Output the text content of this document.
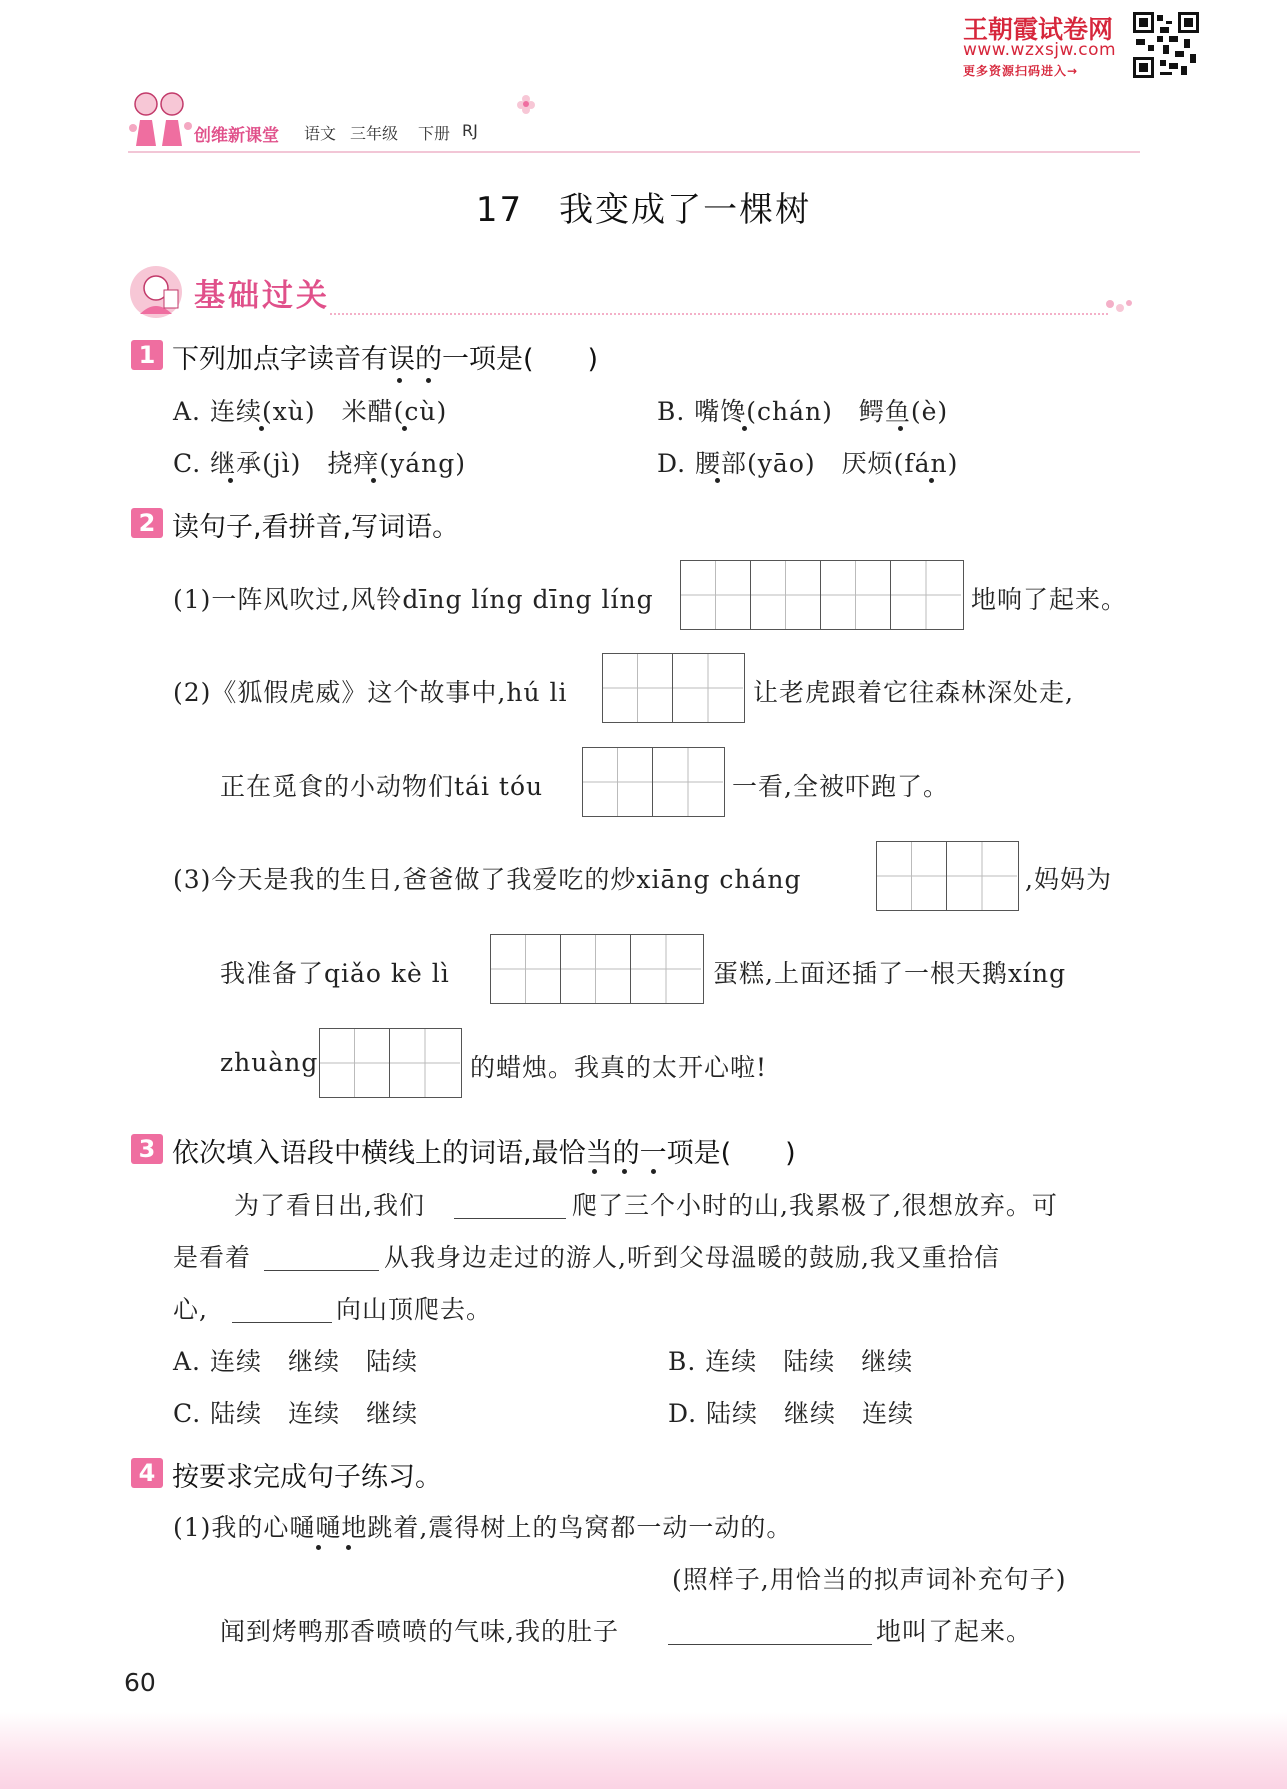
王朝霞试卷网
www.wzxsjw.com
更多资源扫码进入→
创维新课堂 语文 三年级 下册 RJ
17　我变成了一棵树
基础过关
1 下列加点字读音有误的一项是(　　)
A. 连续(xù)　米醋(cù)	B. 嘴馋(chán)　鳄鱼(è)
C. 继承(jì)　挠痒(yáng)	D. 腰部(yāo)　厌烦(fán)
2 读句子,看拼音,写词语。
(1)一阵风吹过,风铃dīng líng dīng líng	地响了起来。
(2)《狐假虎威》这个故事中,hú li	让老虎跟着它往森林深处走,
正在觅食的小动物们tái tóu	一看,全被吓跑了。
(3)今天是我的生日,爸爸做了我爱吃的炒xiāng cháng	,妈妈为
我准备了qiǎo kè lì	蛋糕,上面还插了一根天鹅xíng
zhuàng	的蜡烛。我真的太开心啦!
3 依次填入语段中横线上的词语,最恰当的一项是(　　)
为了看日出,我们	爬了三个小时的山,我累极了,很想放弃。可
是看着	从我身边走过的游人,听到父母温暖的鼓励,我又重拾信
心,	向山顶爬去。
A. 连续　继续　陆续	B. 连续　陆续　继续
C. 陆续　连续　继续	D. 陆续　继续　连续
4 按要求完成句子练习。
(1)我的心嗵嗵地跳着,震得树上的鸟窝都一动一动的。
(照样子,用恰当的拟声词补充句子)
闻到烤鸭那香喷喷的气味,我的肚子	地叫了起来。
60
